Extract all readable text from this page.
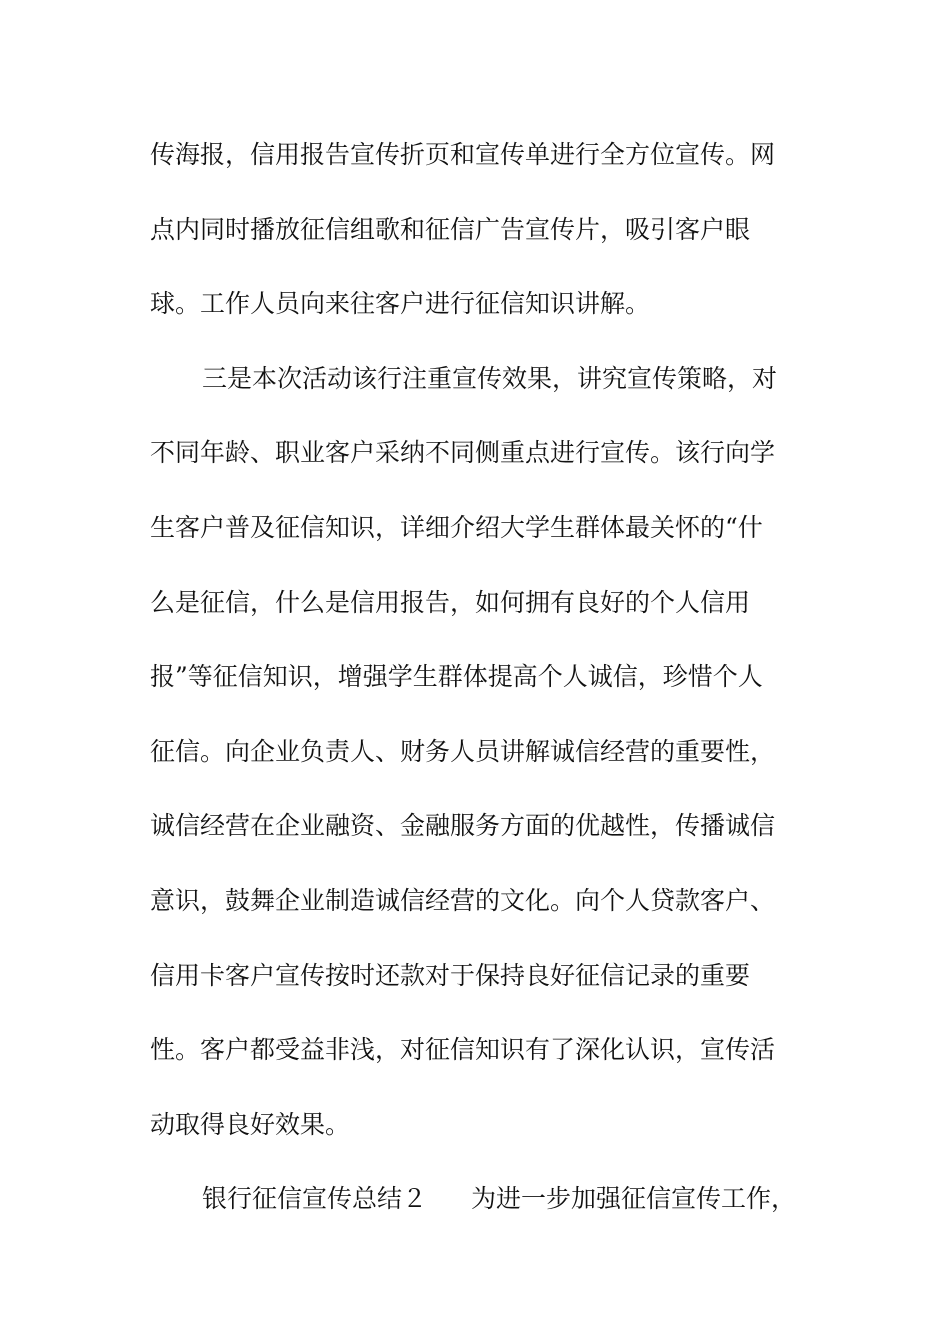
传海报，信用报告宣传折页和宣传单进行全方位宣传。网
点内同时播放征信组歌和征信广告宣传片，吸引客户眼
球。工作人员向来往客户进行征信知识讲解。
三是本次活动该行注重宣传效果，讲究宣传策略，对
不同年龄、职业客户采纳不同侧重点进行宣传。该行向学
生客户普及征信知识，详细介绍大学生群体最关怀的“什
么是征信，什么是信用报告，如何拥有良好的个人信用
报”等征信知识，增强学生群体提高个人诚信，珍惜个人
征信。向企业负责人、财务人员讲解诚信经营的重要性，
诚信经营在企业融资、金融服务方面的优越性，传播诚信
意识，鼓舞企业制造诚信经营的文化。向个人贷款客户、
信用卡客户宣传按时还款对于保持良好征信记录的重要
性。客户都受益非浅，对征信知识有了深化认识，宣传活
动取得良好效果。
银行征信宣传总结２ 为进一步加强征信宣传工作，
